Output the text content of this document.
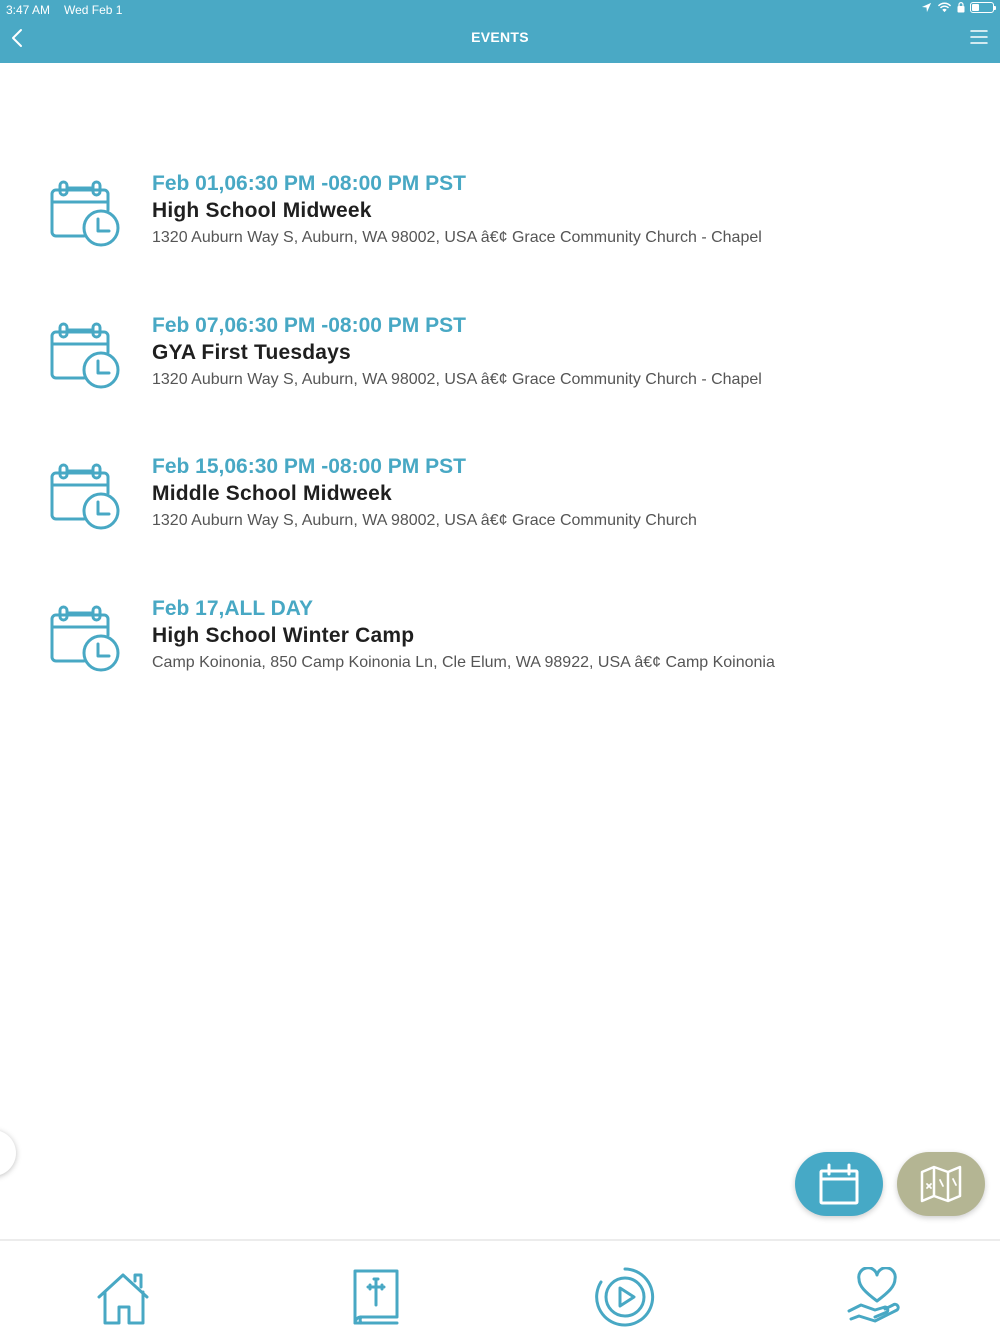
3:47 AM Wed Feb 1
EVENTS
Feb 01,06:30 PM -08:00 PM PST
High School Midweek
1320 Auburn Way S, Auburn, WA 98002, USA â€¢ Grace Community Church - Chapel
Feb 07,06:30 PM -08:00 PM PST
GYA First Tuesdays
1320 Auburn Way S, Auburn, WA 98002, USA â€¢ Grace Community Church - Chapel
Feb 15,06:30 PM -08:00 PM PST
Middle School Midweek
1320 Auburn Way S, Auburn, WA 98002, USA â€¢ Grace Community Church
Feb 17,ALL DAY
High School Winter Camp
Camp Koinonia, 850 Camp Koinonia Ln, Cle Elum, WA 98922, USA â€¢ Camp Koinonia
